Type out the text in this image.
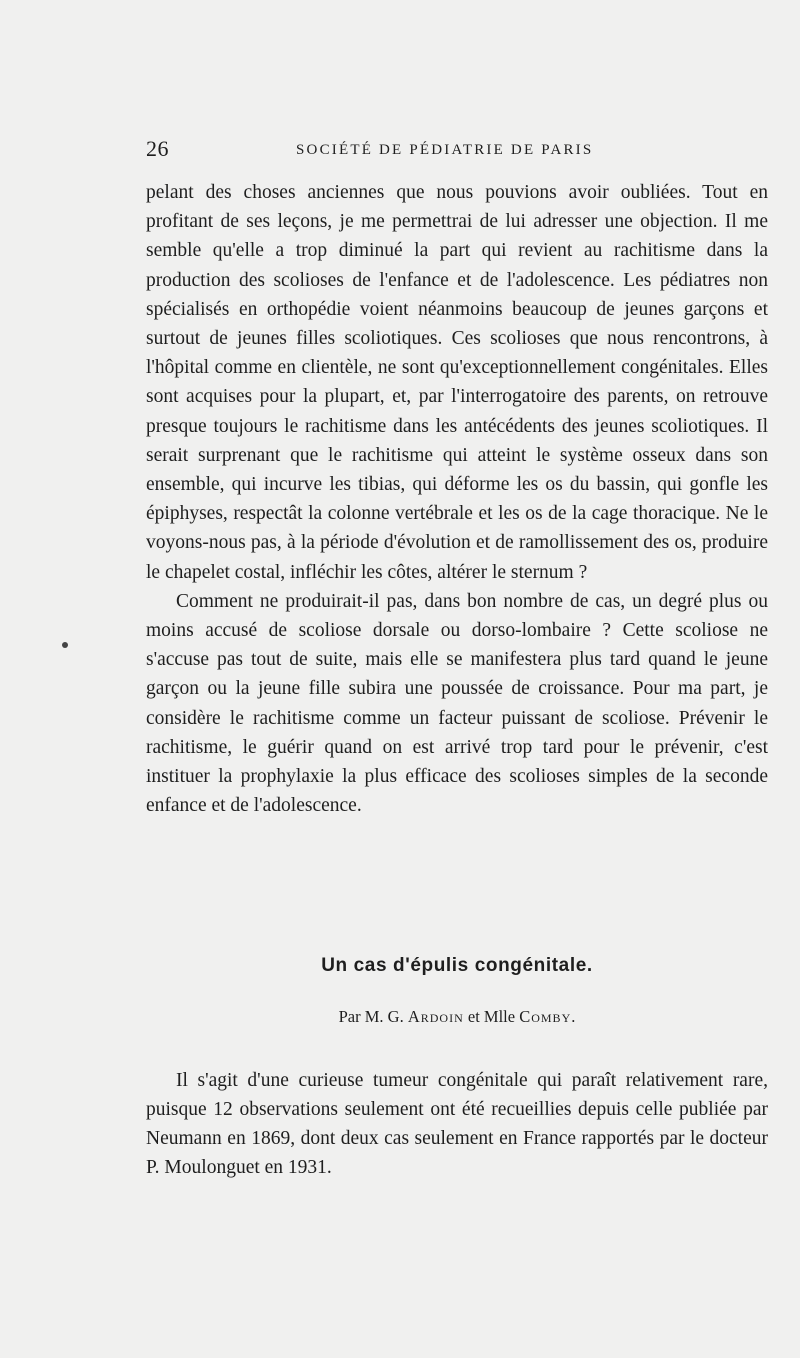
26	SOCIÉTÉ DE PÉDIATRIE DE PARIS

pelant des choses anciennes que nous pouvions avoir oubliées. Tout en profitant de ses leçons, je me permettrai de lui adresser une objection. Il me semble qu'elle a trop diminué la part qui revient au rachitisme dans la production des scolioses de l'enfance et de l'adolescence. Les pédiatres non spécialisés en orthopédie voient néanmoins beaucoup de jeunes garçons et surtout de jeunes filles scoliotiques. Ces scolioses que nous rencontrons, à l'hôpital comme en clientèle, ne sont qu'exceptionnellement congénitales. Elles sont acquises pour la plupart, et, par l'interrogatoire des parents, on retrouve presque toujours le rachitisme dans les antécédents des jeunes scoliotiques. Il serait surprenant que le rachitisme qui atteint le système osseux dans son ensemble, qui incurve les tibias, qui déforme les os du bassin, qui gonfle les épiphyses, respectât la colonne vertébrale et les os de la cage thoracique. Ne le voyons-nous pas, à la période d'évolution et de ramollissement des os, produire le chapelet costal, infléchir les côtes, altérer le sternum ?

Comment ne produirait-il pas, dans bon nombre de cas, un degré plus ou moins accusé de scoliose dorsale ou dorso-lombaire ? Cette scoliose ne s'accuse pas tout de suite, mais elle se manifestera plus tard quand le jeune garçon ou la jeune fille subira une poussée de croissance. Pour ma part, je considère le rachitisme comme un facteur puissant de scoliose. Prévenir le rachitisme, le guérir quand on est arrivé trop tard pour le prévenir, c'est instituer la prophylaxie la plus efficace des scolioses simples de la seconde enfance et de l'adolescence.

Un cas d'épulis congénitale.

Par M. G. Ardoin et Mlle Comby.

Il s'agit d'une curieuse tumeur congénitale qui paraît relativement rare, puisque 12 observations seulement ont été recueillies depuis celle publiée par Neumann en 1869, dont deux cas seulement en France rapportés par le docteur P. Moulonguet en 1931.
